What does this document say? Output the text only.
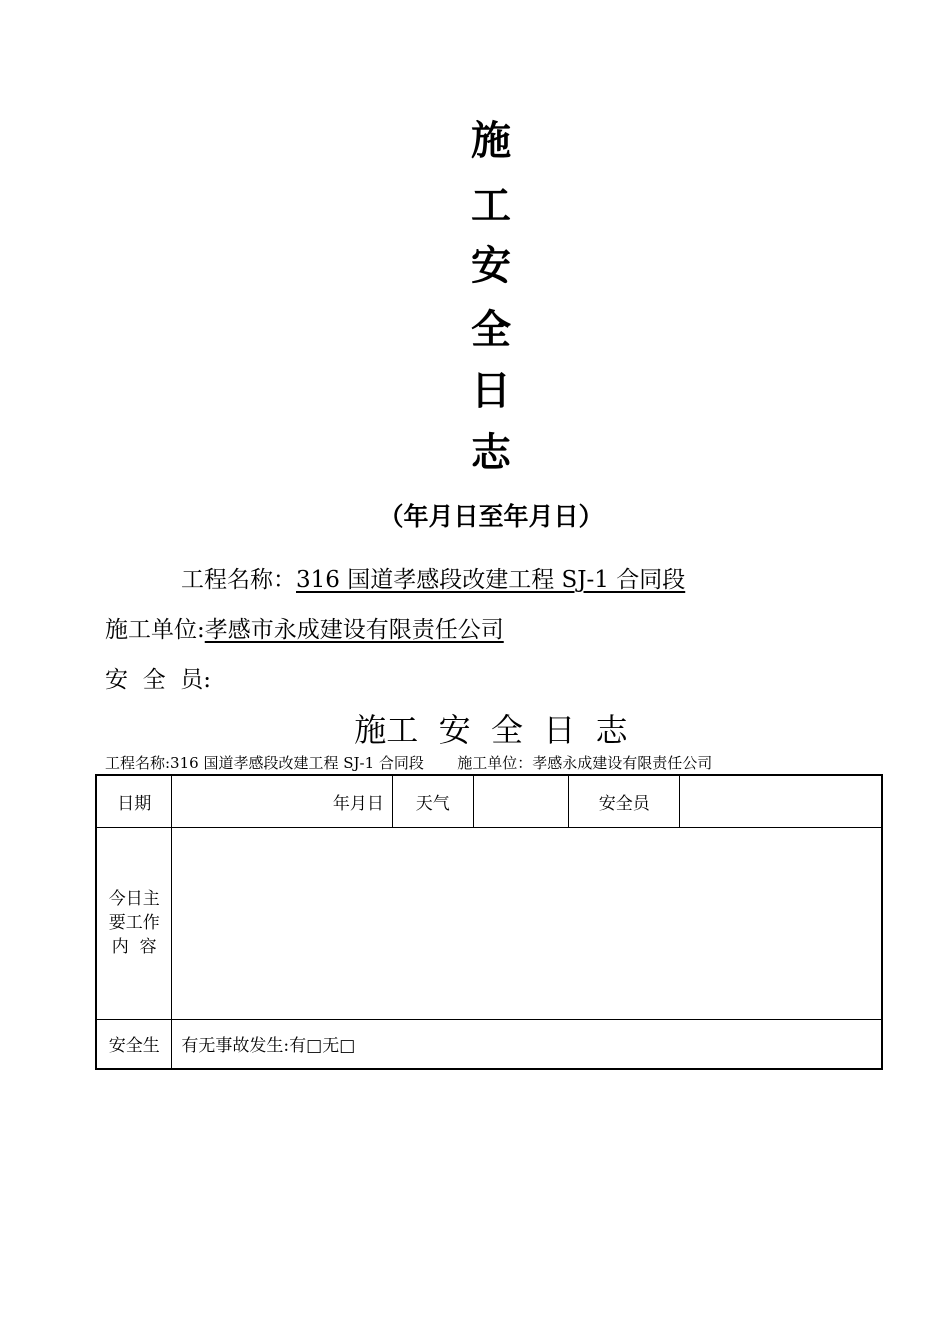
施
工
安
全
日
志
（年月日至年月日）
工程名称：316 国道孝感段改建工程 SJ-1 合同段
施工单位:孝感市永成建设有限责任公司
安  全  员:
施工  安  全  日  志
工程名称:316 国道孝感段改建工程 SJ-1 合同段       施工单位：孝感永成建设有限责任公司
日期	年月日	天气		安全员	

今日主
要工作
内  容					

安全生	有无事故发生:有□无□				
